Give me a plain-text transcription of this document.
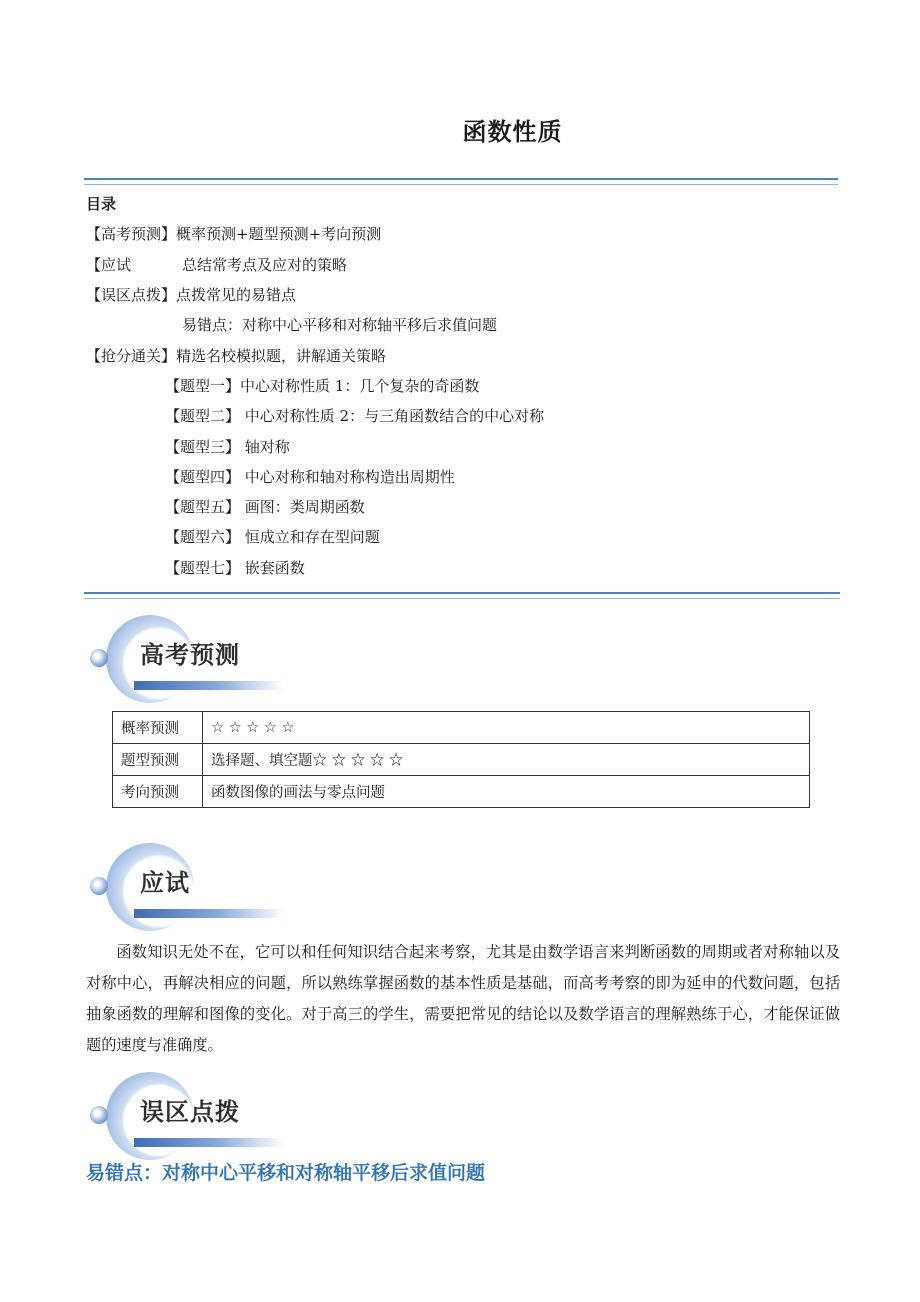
函数性质
目录
【高考预测】概率预测+题型预测+考向预测
【应试	总结常考点及应对的策略
【误区点拨】点拨常见的易错点
易错点：对称中心平移和对称轴平移后求值问题
【抢分通关】精选名校模拟题，讲解通关策略
【题型一】中心对称性质 1：几个复杂的奇函数
【题型二】 中心对称性质 2：与三角函数结合的中心对称
【题型三】 轴对称
【题型四】 中心对称和轴对称构造出周期性
【题型五】 画图：类周期函数
【题型六】 恒成立和存在型问题
【题型七】 嵌套函数
高考预测
概率预测	☆ ☆ ☆ ☆ ☆
题型预测	选择题、填空题☆ ☆ ☆ ☆ ☆
考向预测	函数图像的画法与零点问题
应试
函数知识无处不在，它可以和任何知识结合起来考察，尤其是由数学语言来判断函数的周期或者对称轴以及对称中心，再解决相应的问题，所以熟练掌握函数的基本性质是基础，而高考考察的即为延申的代数问题，包括抽象函数的理解和图像的变化。对于高三的学生，需要把常见的结论以及数学语言的理解熟练于心，才能保证做题的速度与准确度。
误区点拨
易错点：对称中心平移和对称轴平移后求值问题
